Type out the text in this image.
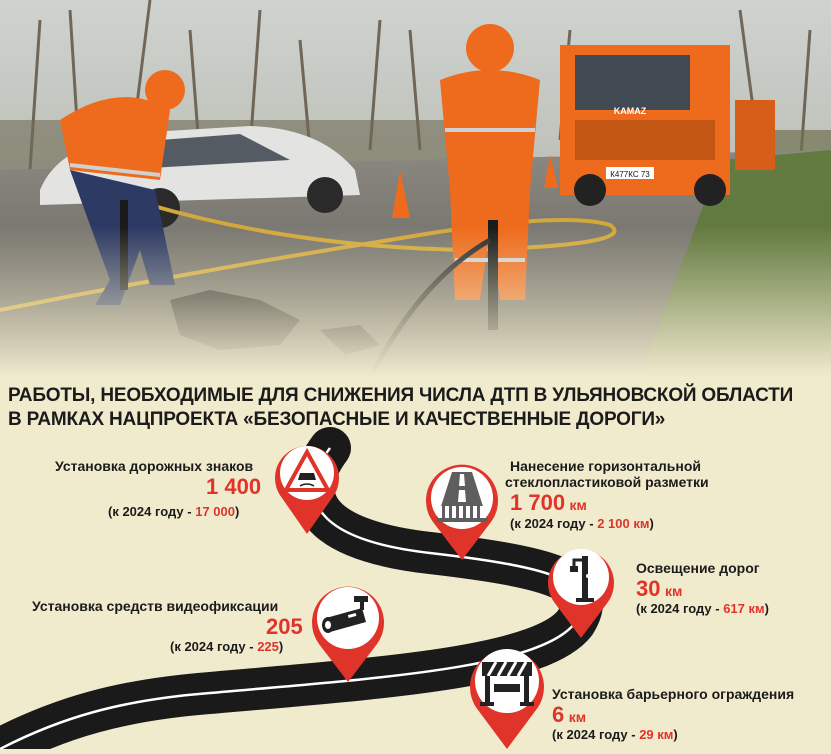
РАБОТЫ, НЕОБХОДИМЫЕ ДЛЯ СНИЖЕНИЯ ЧИСЛА ДТП В УЛЬЯНОВСКОЙ ОБЛАСТИ
В РАМКАХ НАЦПРОЕКТА «БЕЗОПАСНЫЕ И КАЧЕСТВЕННЫЕ ДОРОГИ»
Установка дорожных знаков
1 400
(к 2024 году - 17 000)
Нанесение горизонтальной
стеклопластиковой разметки
1 700 км
(к 2024 году - 2 100 км)
Освещение дорог
30 км
(к 2024 году - 617 км)
Установка средств видеофиксации
205
(к 2024 году - 225)
Установка барьерного ограждения
6 км
(к 2024 году - 29 км)
